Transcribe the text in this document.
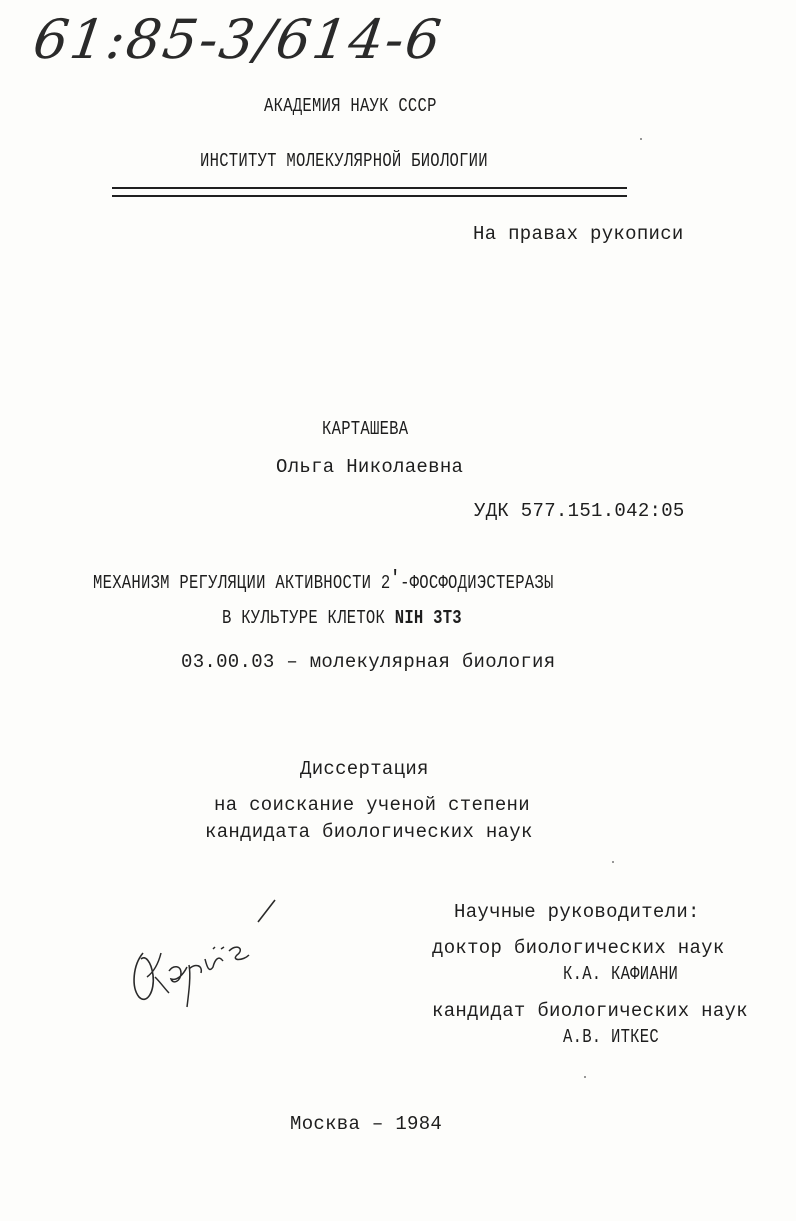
61:85-3/614-6
АКАДЕМИЯ НАУК СССР
ИНСТИТУТ МОЛЕКУЛЯРНОЙ БИОЛОГИИ
На правах рукописи
КАРТАШЕВА
Ольга Николаевна
УДК 577.151.042:05
МЕХАНИЗМ РЕГУЛЯЦИИ АКТИВНОСТИ 2'-ФОСФОДИЭСТЕРАЗЫ
В КУЛЬТУРЕ КЛЕТОК NIH 3T3
03.00.03 – молекулярная биология
Диссертация
на соискание ученой степени
кандидата биологических наук
Научные руководители:
доктор биологических наук
К.А. КАФИАНИ
кандидат биологических наук
А.В. ИТКЕС
Москва – 1984
